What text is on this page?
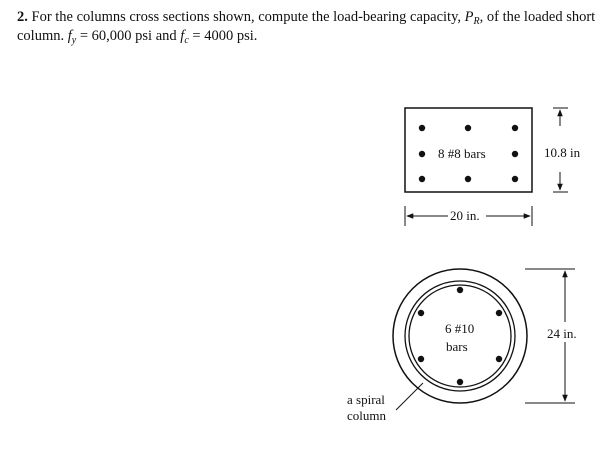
2. For the columns cross sections shown, compute the load-bearing capacity, $P_R$, of the loaded short column. $f_y = 60,000$ psi and $f_c = 4000$ psi.
8 #8 bars	10.8 in
20 in.
6 #10
bars
24 in.
a spiral
column
